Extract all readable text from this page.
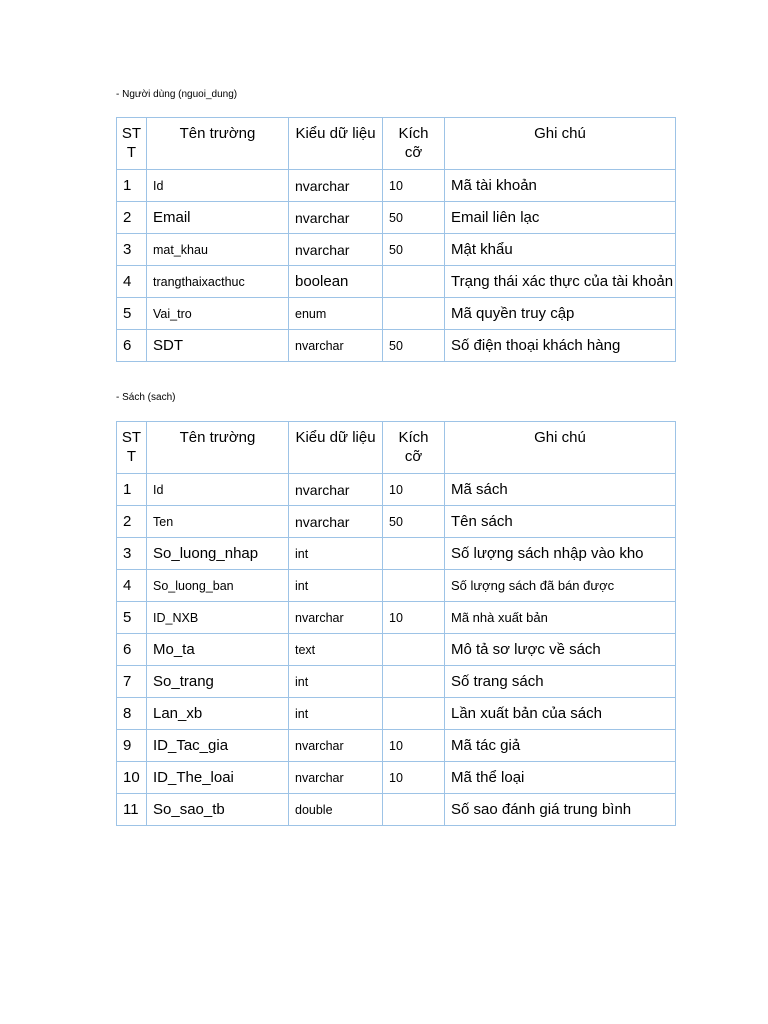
- Người dùng (nguoi_dung)
ST T	Tên trường	Kiểu dữ liệu	Kích cỡ	Ghi chú
1	Id	nvarchar	10	Mã tài khoản
2	Email	nvarchar	50	Email liên lạc
3	mat_khau	nvarchar	50	Mật khẩu
4	trangthaixacthuc	boolean		Trạng thái xác thực của tài khoản
5	Vai_tro	enum		Mã quyền truy cập
6	SDT	nvarchar	50	Số điện thoại khách hàng
- Sách (sach)
ST T	Tên trường	Kiểu dữ liệu	Kích cỡ	Ghi chú
1	Id	nvarchar	10	Mã sách
2	Ten	nvarchar	50	Tên sách
3	So_luong_nhap	int		Số lượng sách nhập vào kho
4	So_luong_ban	int		Số lượng sách đã bán được
5	ID_NXB	nvarchar	10	Mã nhà xuất bản
6	Mo_ta	text		Mô tả sơ lược về sách
7	So_trang	int		Số trang sách
8	Lan_xb	int		Lần xuất bản của sách
9	ID_Tac_gia	nvarchar	10	Mã tác giả
10	ID_The_loai	nvarchar	10	Mã thể loại
11	So_sao_tb	double		Số sao đánh giá trung bình
